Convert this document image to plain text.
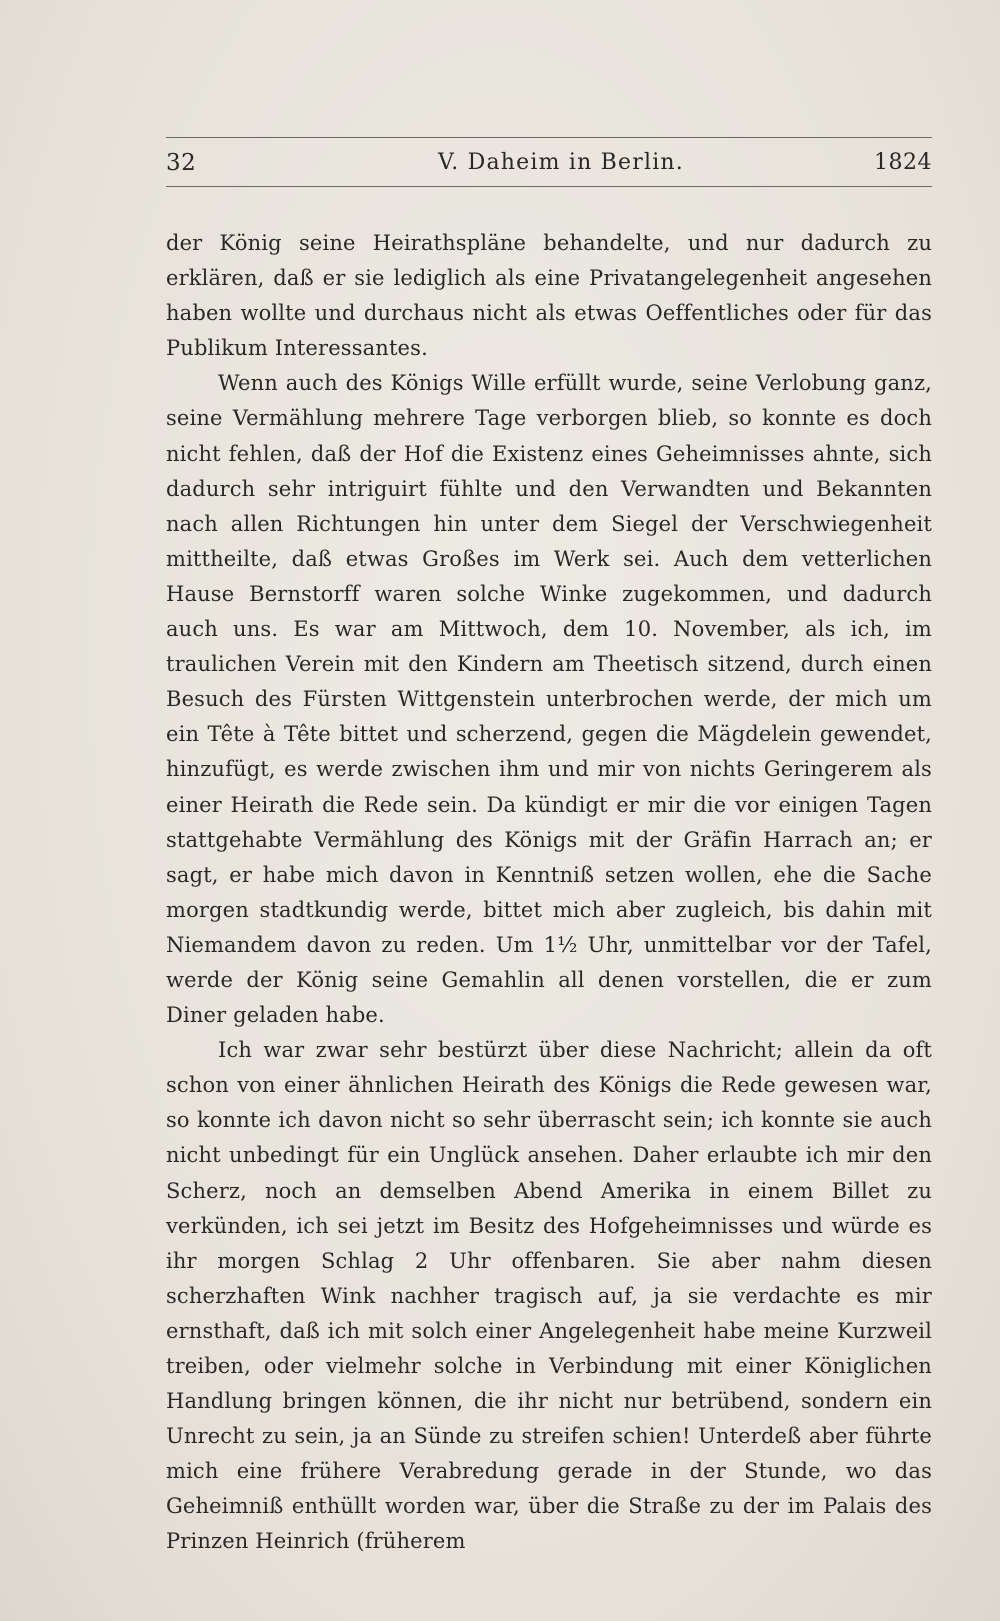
32	V. Daheim in Berlin.	1824

der König seine Heirathspläne behandelte, und nur dadurch zu erklären, daß er sie lediglich als eine Privatangelegenheit angesehen haben wollte und durchaus nicht als etwas Oeffentliches oder für das Publikum Interessantes.

Wenn auch des Königs Wille erfüllt wurde, seine Verlobung ganz, seine Vermählung mehrere Tage verborgen blieb, so konnte es doch nicht fehlen, daß der Hof die Existenz eines Geheimnisses ahnte, sich dadurch sehr intriguirt fühlte und den Verwandten und Bekannten nach allen Richtungen hin unter dem Siegel der Verschwiegenheit mittheilte, daß etwas Großes im Werk sei. Auch dem vetterlichen Hause Bernstorff waren solche Winke zugekommen, und dadurch auch uns. Es war am Mittwoch, dem 10. November, als ich, im traulichen Verein mit den Kindern am Theetisch sitzend, durch einen Besuch des Fürsten Wittgenstein unterbrochen werde, der mich um ein Tête à Tête bittet und scherzend, gegen die Mägdelein gewendet, hinzufügt, es werde zwischen ihm und mir von nichts Geringerem als einer Heirath die Rede sein. Da kündigt er mir die vor einigen Tagen stattgehabte Vermählung des Königs mit der Gräfin Harrach an; er sagt, er habe mich davon in Kenntniß setzen wollen, ehe die Sache morgen stadtkundig werde, bittet mich aber zugleich, bis dahin mit Niemandem davon zu reden. Um 1½ Uhr, unmittelbar vor der Tafel, werde der König seine Gemahlin all denen vorstellen, die er zum Diner geladen habe.

Ich war zwar sehr bestürzt über diese Nachricht; allein da oft schon von einer ähnlichen Heirath des Königs die Rede gewesen war, so konnte ich davon nicht so sehr überrascht sein; ich konnte sie auch nicht unbedingt für ein Unglück ansehen. Daher erlaubte ich mir den Scherz, noch an demselben Abend Amerika in einem Billet zu verkünden, ich sei jetzt im Besitz des Hofgeheimnisses und würde es ihr morgen Schlag 2 Uhr offenbaren. Sie aber nahm diesen scherzhaften Wink nachher tragisch auf, ja sie verdachte es mir ernsthaft, daß ich mit solch einer Angelegenheit habe meine Kurzweil treiben, oder vielmehr solche in Verbindung mit einer Königlichen Handlung bringen können, die ihr nicht nur betrübend, sondern ein Unrecht zu sein, ja an Sünde zu streifen schien! Unterdeß aber führte mich eine frühere Verabredung gerade in der Stunde, wo das Geheimniß enthüllt worden war, über die Straße zu der im Palais des Prinzen Heinrich (früherem
